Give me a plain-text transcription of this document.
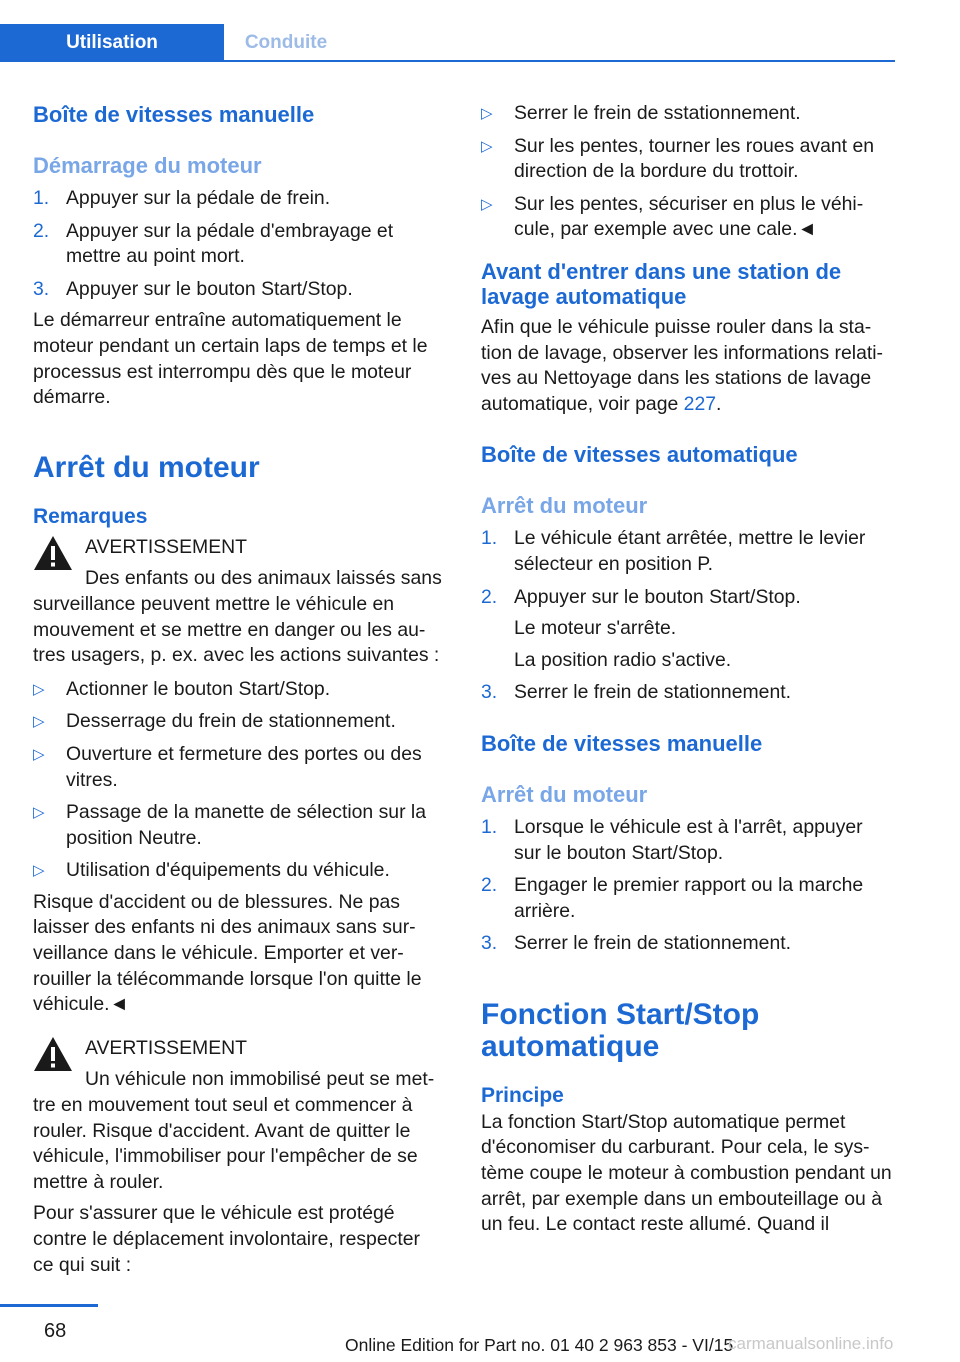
Utilisation	Conduite
Boîte de vitesses manuelle
Démarrage du moteur
1. Appuyer sur la pédale de frein.
2. Appuyer sur la pédale d'embrayage et mettre au point mort.
3. Appuyer sur le bouton Start/Stop.

Le démarreur entraîne automatiquement le moteur pendant un certain laps de temps et le processus est interrompu dès que le moteur démarre.

Arrêt du moteur
Remarques
AVERTISSEMENT

Des enfants ou des animaux laissés sans surveillance peuvent mettre le véhicule en mouvement et se mettre en danger ou les au-tres usagers, p. ex. avec les actions suivantes :

▷	Actionner le bouton Start/Stop.
▷	Desserrage du frein de stationnement.
▷	Ouverture et fermeture des portes ou des vitres.
▷	Passage de la manette de sélection sur la position Neutre.
▷	Utilisation d'équipements du véhicule.

Risque d'accident ou de blessures. Ne pas laisser des enfants ni des animaux sans sur-veillance dans le véhicule. Emporter et ver-rouiller la télécommande lorsque l'on quitte le véhicule.◄

AVERTISSEMENT

Un véhicule non immobilisé peut se met-tre en mouvement tout seul et commencer à rouler. Risque d'accident. Avant de quitter le véhicule, l'immobiliser pour l'empêcher de se mettre à rouler.

Pour s'assurer que le véhicule est protégé contre le déplacement involontaire, respecter ce qui suit :

▷	Serrer le frein de sstationnement.
▷	Sur les pentes, tourner les roues avant en direction de la bordure du trottoir.
▷	Sur les pentes, sécuriser en plus le véhi-cule, par exemple avec une cale.◄
Avant d'entrer dans une station de lavage automatique

Afin que le véhicule puisse rouler dans la sta-tion de lavage, observer les informations relati-ves au Nettoyage dans les stations de lavage automatique, voir page 227.

Boîte de vitesses automatique
Arrêt du moteur
1. Le véhicule étant arrêtée, mettre le levier sélecteur en position P.
2. Appuyer sur le bouton Start/Stop.
Le moteur s'arrête.
La position radio s'active.
3. Serrer le frein de stationnement.
Boîte de vitesses manuelle
Arrêt du moteur
1. Lorsque le véhicule est à l'arrêt, appuyer sur le bouton Start/Stop.
2. Engager le premier rapport ou la marche arrière.
3. Serrer le frein de stationnement.
Fonction Start/Stop automatique
Principe

La fonction Start/Stop automatique permet d'économiser du carburant. Pour cela, le sys-tème coupe le moteur à combustion pendant un arrêt, par exemple dans un embouteillage ou à un feu. Le contact reste allumé. Quand il

68
Online Edition for Part no. 01 40 2 963 853 - VI/15
carmanualsonline.info
